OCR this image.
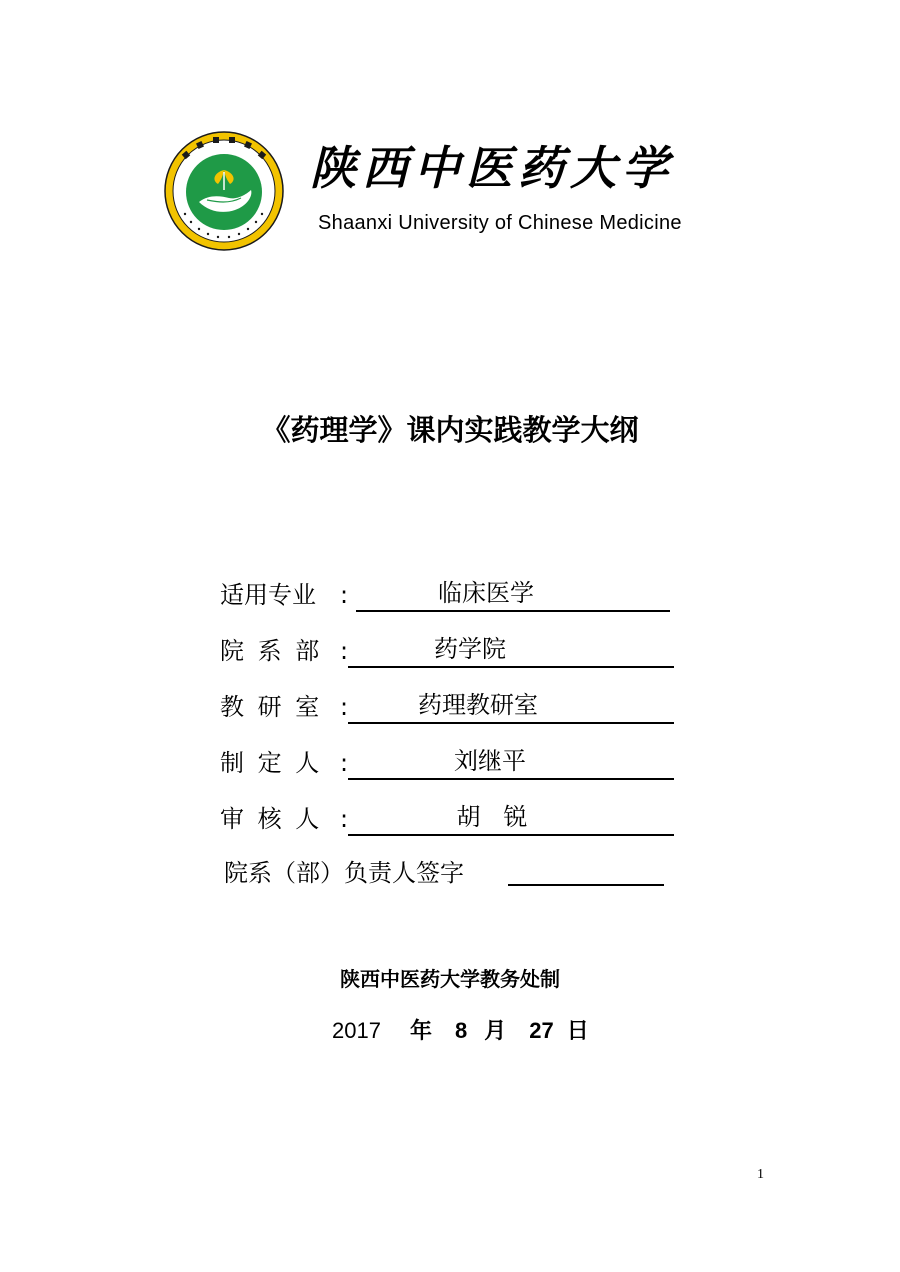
陕西中医药大学
Shaanxi University of Chinese Medicine
《药理学》课内实践教学大纲
适用专业 :	临床医学
院 系 部 :	药学院
教 研 室 :	药理教研室
制 定 人 :	刘继平
审 核 人 :	胡   锐
院系（部）负责人签字
陕西中医药大学教务处制
2017 年 8 月 27 日
1
